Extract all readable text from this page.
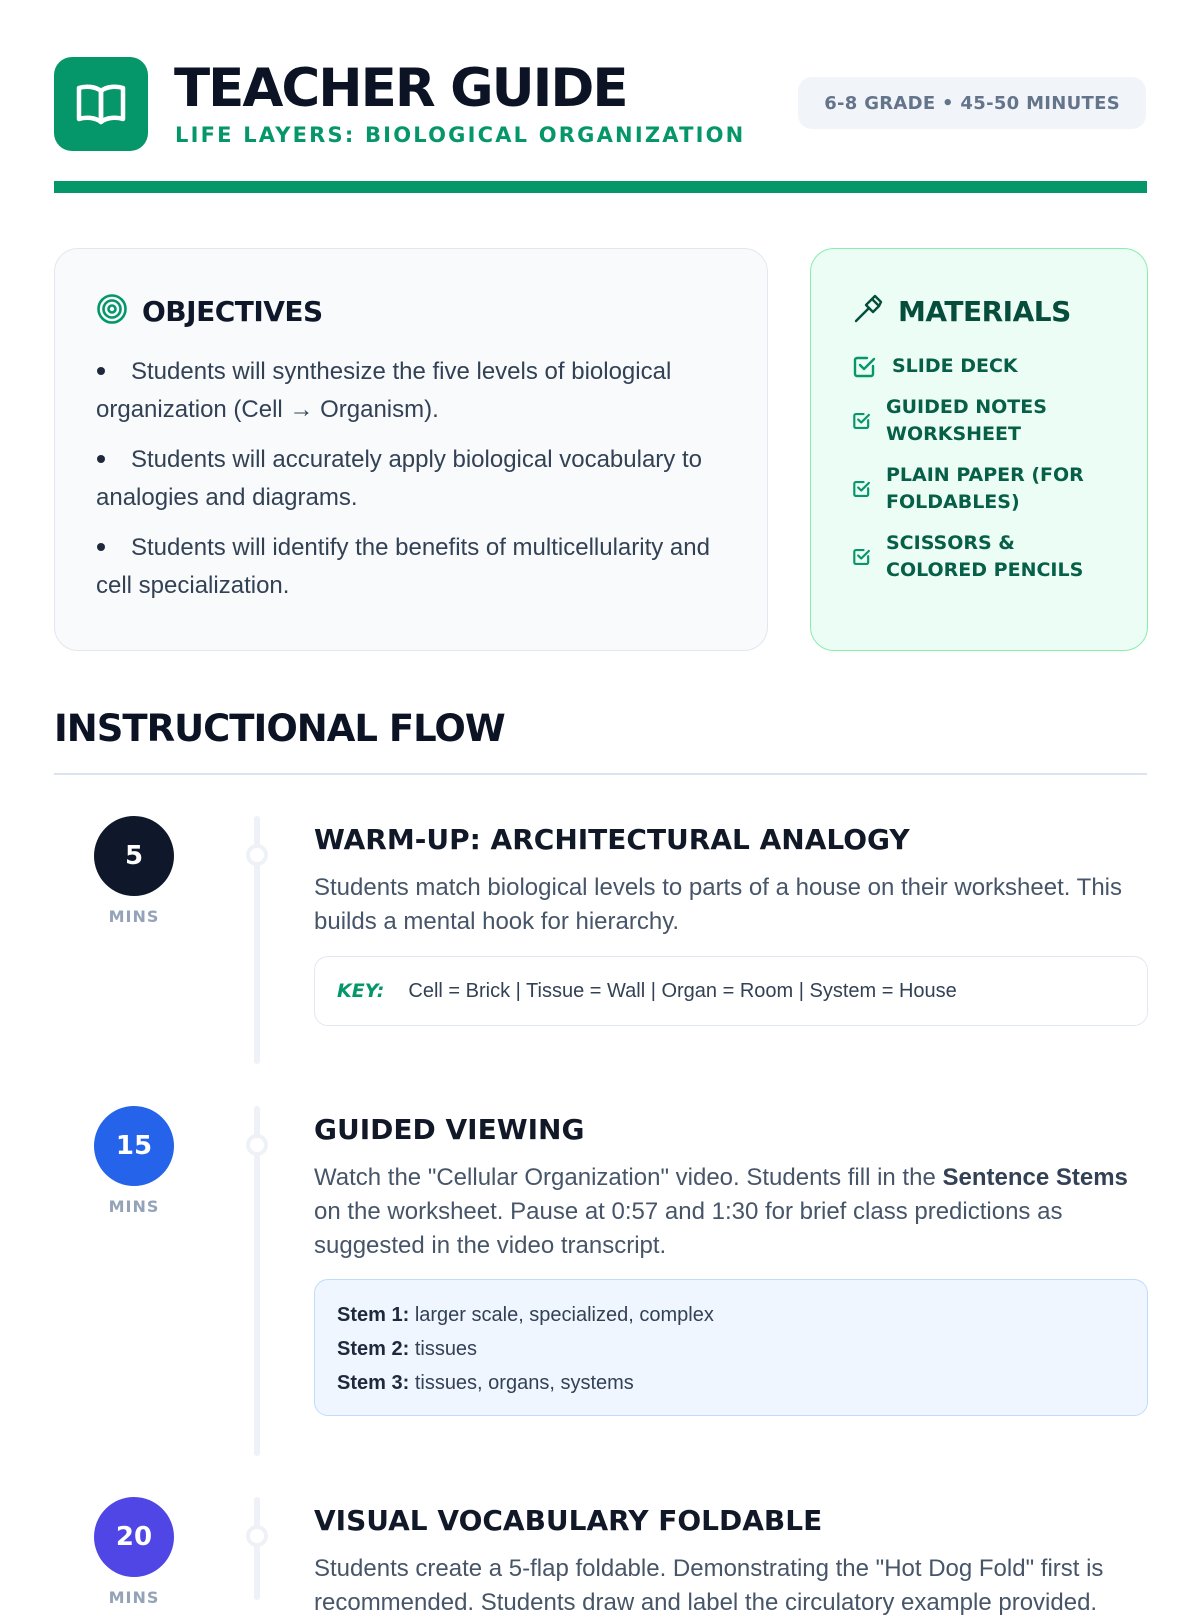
TEACHER GUIDE
LIFE LAYERS: BIOLOGICAL ORGANIZATION
6-8 GRADE • 45-50 MINUTES
OBJECTIVES
Students will synthesize the five levels of biological organization (Cell → Organism).
Students will accurately apply biological vocabulary to analogies and diagrams.
Students will identify the benefits of multicellularity and cell specialization.
MATERIALS
SLIDE DECK
GUIDED NOTES WORKSHEET
PLAIN PAPER (FOR FOLDABLES)
SCISSORS & COLORED PENCILS
INSTRUCTIONAL FLOW
5
MINS
WARM-UP: ARCHITECTURAL ANALOGY
Students match biological levels to parts of a house on their worksheet. This builds a mental hook for hierarchy.
KEY: Cell = Brick | Tissue = Wall | Organ = Room | System = House
15
MINS
GUIDED VIEWING
Watch the "Cellular Organization" video. Students fill in the Sentence Stems on the worksheet. Pause at 0:57 and 1:30 for brief class predictions as suggested in the video transcript.
Stem 1: larger scale, specialized, complex
Stem 2: tissues
Stem 3: tissues, organs, systems
20
MINS
VISUAL VOCABULARY FOLDABLE
Students create a 5-flap foldable. Demonstrating the "Hot Dog Fold" first is recommended. Students draw and label the circulatory example provided.
